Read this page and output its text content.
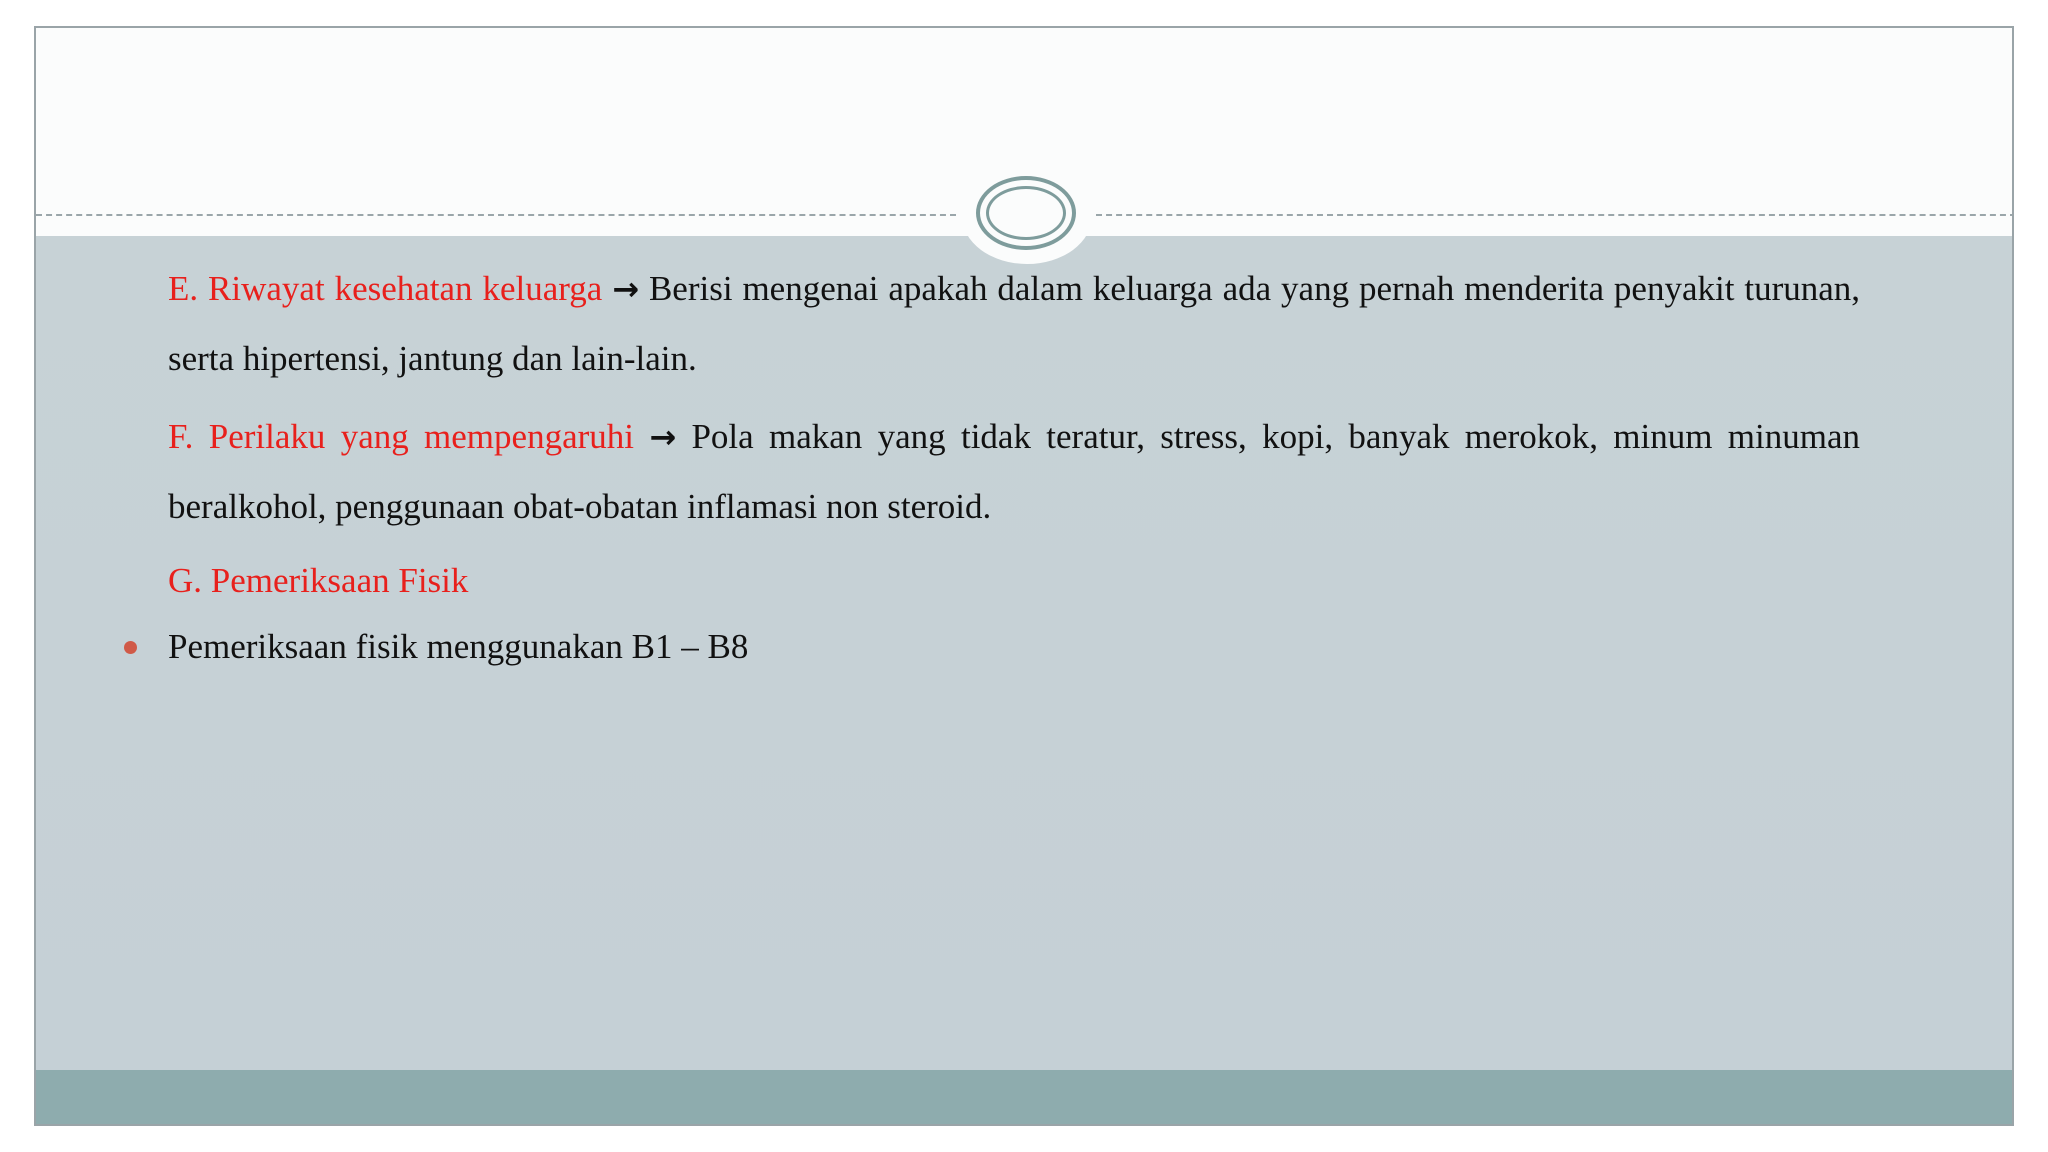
E. Riwayat kesehatan keluarga → Berisi mengenai apakah dalam keluarga ada yang pernah menderita penyakit turunan, serta hipertensi, jantung dan lain-lain.

F. Perilaku yang mempengaruhi → Pola makan yang tidak teratur, stress, kopi, banyak merokok, minum minuman beralkohol, penggunaan obat-obatan inflamasi non steroid.

G. Pemeriksaan Fisik

Pemeriksaan fisik menggunakan B1 – B8
